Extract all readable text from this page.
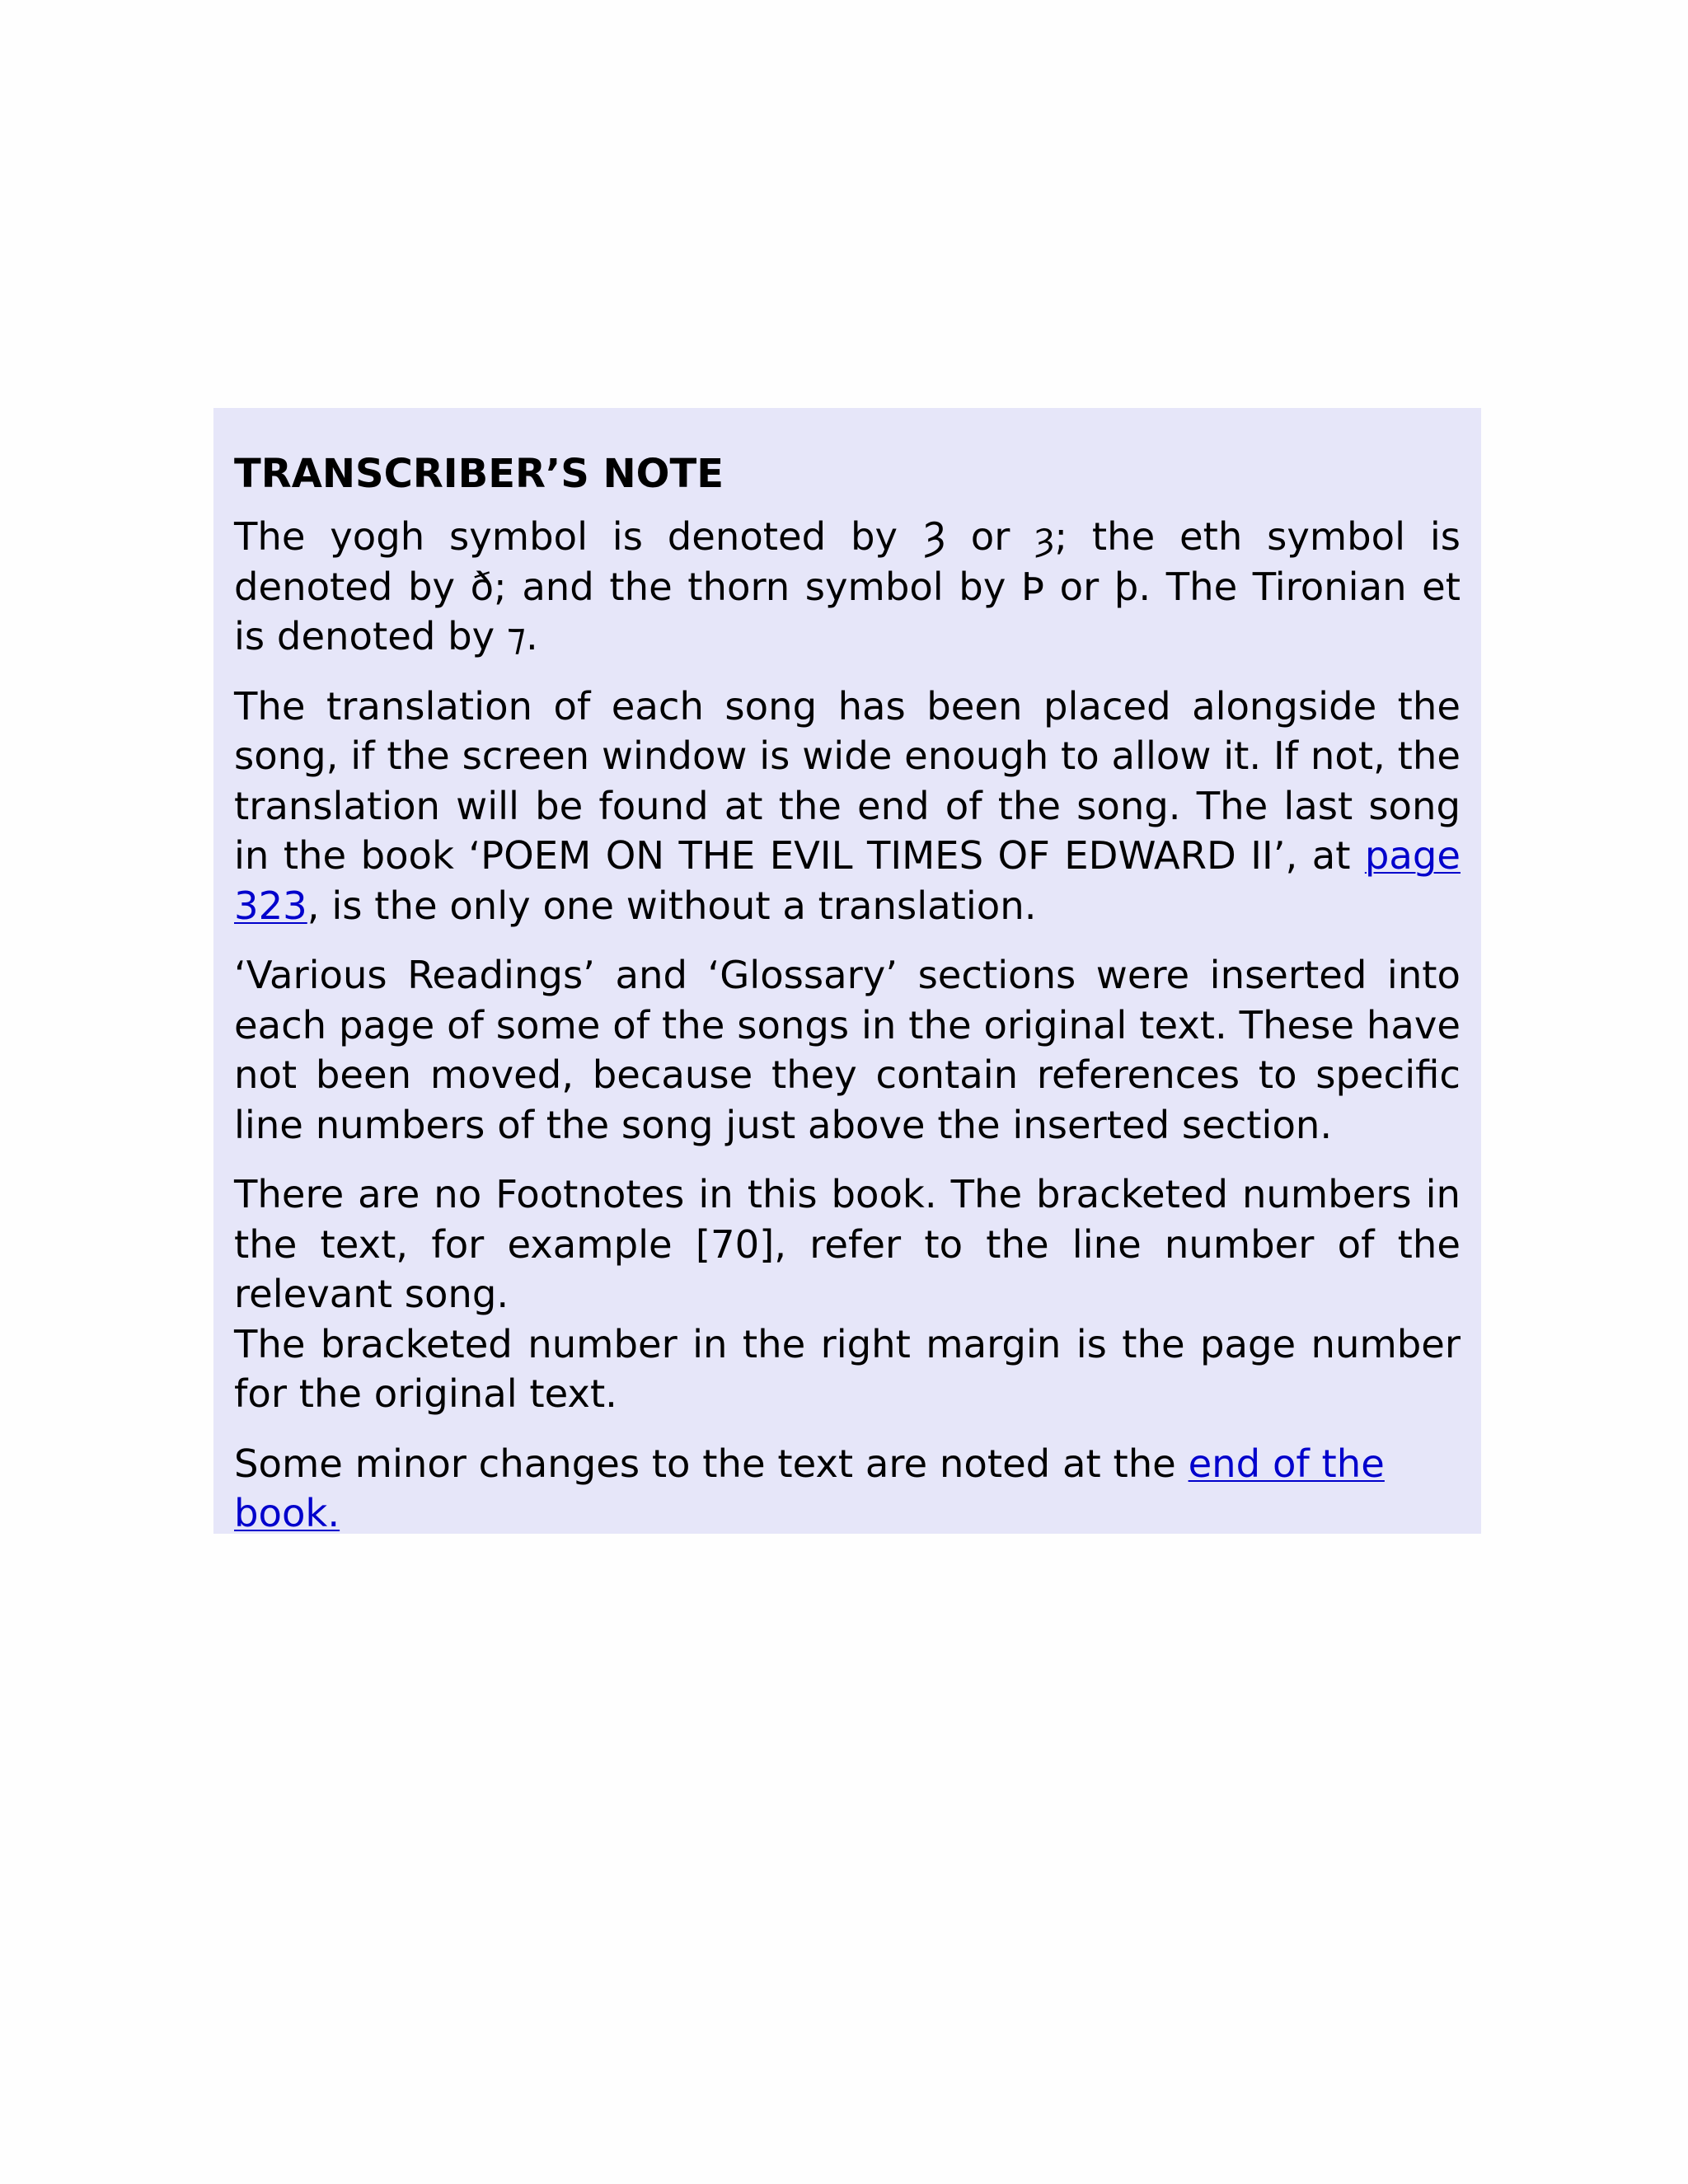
TRANSCRIBER’S NOTE

The yogh symbol is denoted by Ȝ or ȝ; the eth symbol is denoted by ð; and the thorn symbol by Þ or þ. The Tironian et is denoted by ⁊.

The translation of each song has been placed alongside the song, if the screen window is wide enough to allow it. If not, the translation will be found at the end of the song. The last song in the book ‘POEM ON THE EVIL TIMES OF EDWARD II’, at page 323, is the only one without a translation.

‘Various Readings’ and ‘Glossary’ sections were inserted into each page of some of the songs in the original text. These have not been moved, because they contain references to specific line numbers of the song just above the inserted section.

There are no Footnotes in this book. The bracketed numbers in the text, for example [70], refer to the line number of the relevant song.
The bracketed number in the right margin is the page number for the original text.

Some minor changes to the text are noted at the end of the book.
